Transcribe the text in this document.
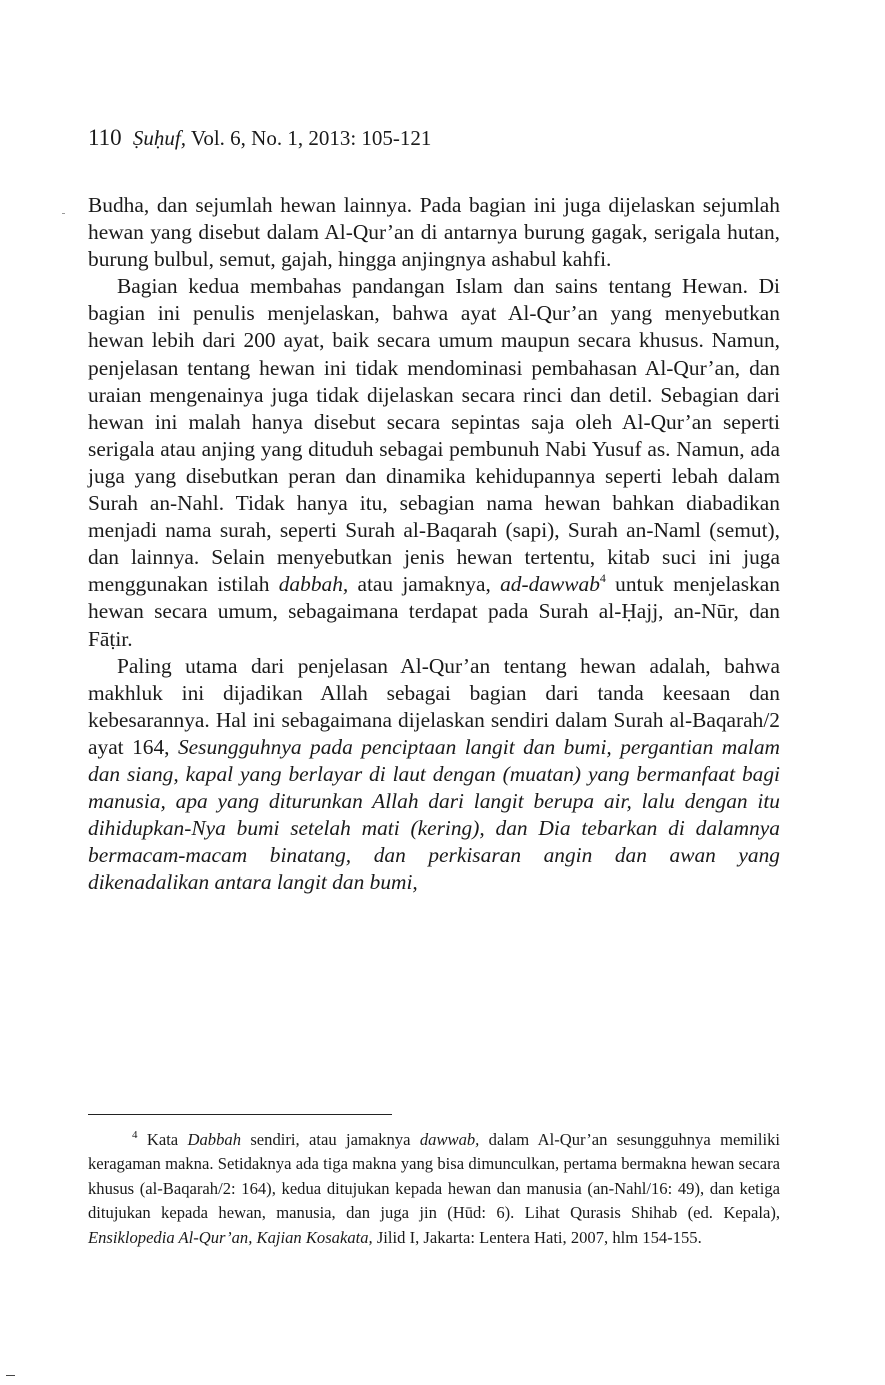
110 Ṣuḥuf, Vol. 6, No. 1, 2013: 105-121

Budha, dan sejumlah hewan lainnya. Pada bagian ini juga dijelaskan sejumlah hewan yang disebut dalam Al-Qur’an di antarnya burung gagak, serigala hutan, burung bulbul, semut, gajah, hingga anjingnya ashabul kahfi.

Bagian kedua membahas pandangan Islam dan sains tentang Hewan. Di bagian ini penulis menjelaskan, bahwa ayat Al-Qur’an yang menyebutkan hewan lebih dari 200 ayat, baik secara umum maupun secara khusus. Namun, penjelasan tentang hewan ini tidak mendominasi pembahasan Al-Qur’an, dan uraian mengenainya juga tidak dijelaskan secara rinci dan detil. Sebagian dari hewan ini malah hanya disebut secara sepintas saja oleh Al-Qur’an seperti serigala atau anjing yang dituduh sebagai pembunuh Nabi Yusuf as. Namun, ada juga yang disebutkan peran dan dinamika kehidupannya seperti lebah dalam Surah an-Nahl. Tidak hanya itu, sebagian nama hewan bahkan diabadikan menjadi nama surah, seperti Surah al-Baqarah (sapi), Surah an-Naml (semut), dan lainnya. Selain menyebutkan jenis hewan tertentu, kitab suci ini juga menggunakan istilah dabbah, atau jamaknya, ad-dawwab$^4$ untuk menjelaskan hewan secara umum, sebagaimana terdapat pada Surah al-Ḥajj, an-Nūr, dan Fāṭir.

Paling utama dari penjelasan Al-Qur’an tentang hewan adalah, bahwa makhluk ini dijadikan Allah sebagai bagian dari tanda keesaan dan kebesarannya. Hal ini sebagaimana dijelaskan sendiri dalam Surah al-Baqarah/2 ayat 164, Sesungguhnya pada penciptaan langit dan bumi, pergantian malam dan siang, kapal yang berlayar di laut dengan (muatan) yang bermanfaat bagi manusia, apa yang diturunkan Allah dari langit berupa air, lalu dengan itu dihidupkan-Nya bumi setelah mati (kering), dan Dia tebarkan di dalamnya bermacam-macam binatang, dan perkisaran angin dan awan yang dikenadalikan antara langit dan bumi,

$^4$ Kata Dabbah sendiri, atau jamaknya dawwab, dalam Al-Qur’an sesungguhnya memiliki keragaman makna. Setidaknya ada tiga makna yang bisa dimunculkan, pertama bermakna hewan secara khusus (al-Baqarah/2: 164), kedua ditujukan kepada hewan dan manusia (an-Nahl/16: 49), dan ketiga ditujukan kepada hewan, manusia, dan juga jin (Hūd: 6). Lihat Qurasis Shihab (ed. Kepala), Ensiklopedia Al-Qur’an, Kajian Kosakata, Jilid I, Jakarta: Lentera Hati, 2007, hlm 154-155.
